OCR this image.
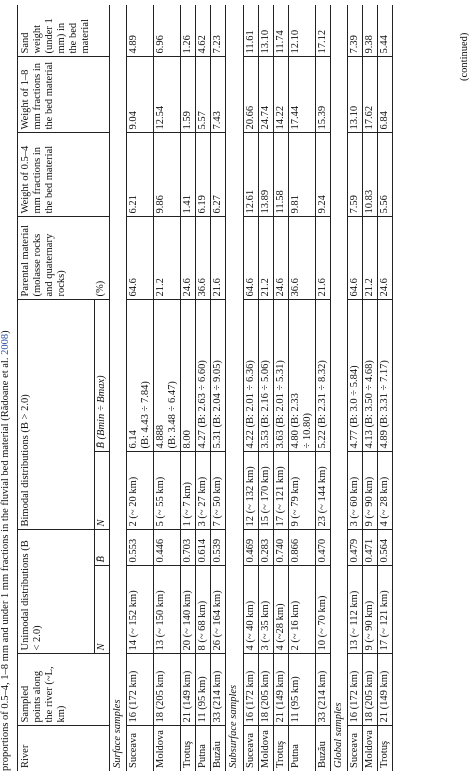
proportions of 0.5–4, 1–8 mm and under 1 mm fractions in the fluvial bed material (Rădoane et al. 2008)
River	Sampled points along the river (~L, km)	Unimodal distributions (B < 2.0)		Bimodal distributions (B > 2.0)		Parental material (molasse rocks and quaternary rocks)	Weight of 0.5–4 mm fractions in the bed material	Weight of 1–8 mm fractions in the bed material	Sand weight (under 1 mm) in the bed material
		N	B̄	N	B̄ (Bmin ÷ Bmax)	(%)			
Surface samples									
Suceava	16 (172 km)	14 (~ 152 km)	0.553	2 (~ 20 km)	6.14 (B: 4.43 ÷ 7.84)	64.6	6.21	9.04	4.89
Moldova	18 (205 km)	13 (~ 150 km)	0.446	5 (~ 55 km)	4.888 (B: 3.48 ÷ 6.47)	21.2	9.86	12.54	6.96
Trotuş	21 (149 km)	20 (~ 140 km)	0.703	1 (~ 7 km)	8.00	24.6	1.41	1.59	1.26
Putna	11 (95 km)	8 (~ 68 km)	0.614	3 (~ 27 km)	4.27 (B: 2.63 ÷ 6.60)	36.6	6.19	5.57	4.62
Buzău	33 (214 km)	26 (~ 164 km)	0.539	7 (~ 50 km)	5.31 (B: 2.04 ÷ 9.05)	21.6	6.27	7.43	7.23
Subsurface samples									
Suceava	16 (172 km)	4 (~ 40 km)	0.469	12 (~ 132 km)	4.22 (B: 2.01 ÷ 6.36)	64.6	12.61	20.66	11.61
Moldova	18 (205 km)	3 (~ 35 km)	0.283	15 (~ 170 km)	3.53 (B: 2.16 ÷ 5.06)	21.2	13.89	24.74	13.10
Trotuş	21 (149 km)	4 (~28 km)	0.740	17 (~ 121 km)	3.63 (B: 2.01 ÷ 5.31)	24.6	11.58	14.22	11.74
Putna	11 (95 km)	2 (~ 16 km)	0.866	9 (~ 79 km)	4.80 (B: 2.33 ÷ 10.80)	36.6	9.81	17.44	12.10
Buzău	33 (214 km)	10 (~ 70 km)	0.470	23 (~ 144 km)	5.22 (B: 2.31 ÷ 8.32)	21.6	9.24	15.39	17.12
Global samples									
Suceava	16 (172 km)	13 (~ 112 km)	0.479	3 (~ 60 km)	4.77 (B: 3.0 ÷ 5.84)	64.6	7.59	13.10	7.39
Moldova	18 (205 km)	9 (~ 90 km)	0.471	9 (~ 90 km)	4.13 (B: 3.50 ÷ 4.68)	21.2	10.83	17.62	9.38
Trotuş	21 (149 km)	17 (~ 121 km)	0.564	4 (~ 28 km)	4.89 (B: 3.31 ÷ 7.17)	24.6	5.56	6.84	5.44	(continued)
